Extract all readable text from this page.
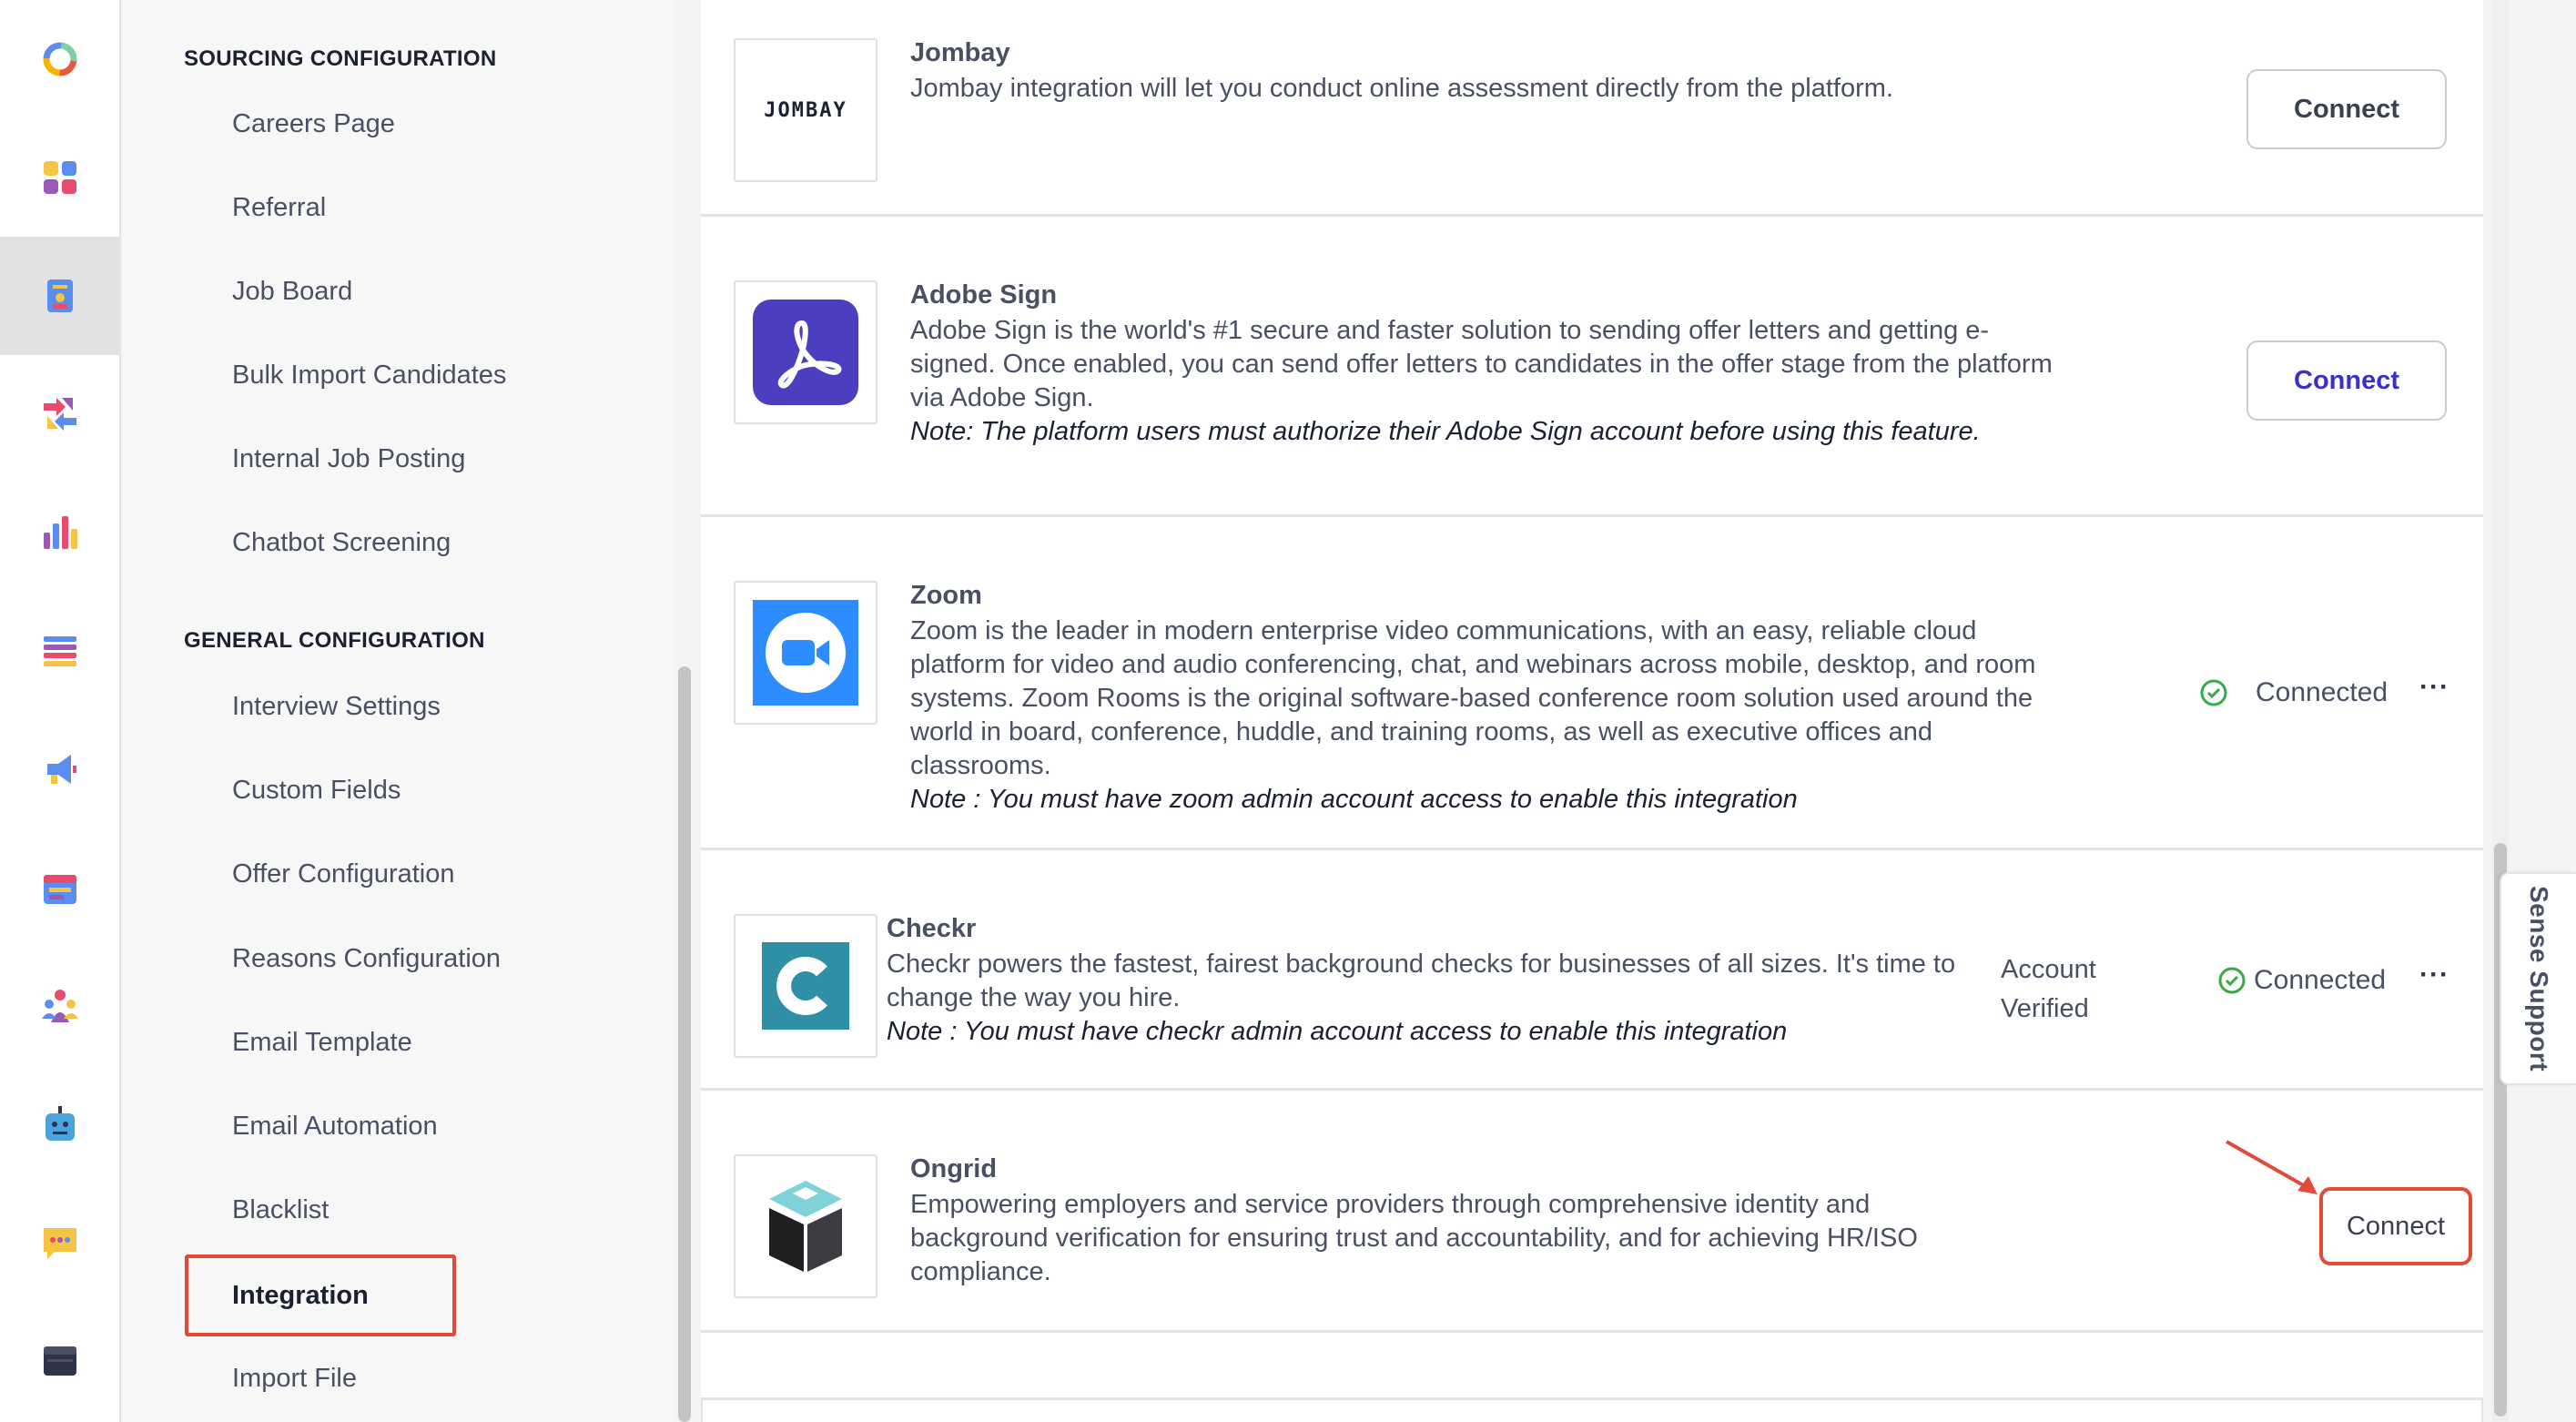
SOURCING CONFIGURATION
Careers Page
Referral
Job Board
Bulk Import Candidates
Internal Job Posting
Chatbot Screening
GENERAL CONFIGURATION
Interview Settings
Custom Fields
Offer Configuration
Reasons Configuration
Email Template
Email Automation
Blacklist
Integration
Import File
JOMBAY
Jombay
Jombay integration will let you conduct online assessment directly from the platform.
Connect
Adobe Sign
Adobe Sign is the world's #1 secure and faster solution to sending offer letters and getting e-signed. Once enabled, you can send offer letters to candidates in the offer stage from the platform via Adobe Sign.
Note: The platform users must authorize their Adobe Sign account before using this feature.
Connect
Zoom
Zoom is the leader in modern enterprise video communications, with an easy, reliable cloud platform for video and audio conferencing, chat, and webinars across mobile, desktop, and room systems. Zoom Rooms is the original software-based conference room solution used around the world in board, conference, huddle, and training rooms, as well as executive offices and classrooms.
Note : You must have zoom admin account access to enable this integration
Connected ···
Checkr
Checkr powers the fastest, fairest background checks for businesses of all sizes. It's time to change the way you hire.
Note : You must have checkr admin account access to enable this integration
Account Verified
Connected ···
Ongrid
Empowering employers and service providers through comprehensive identity and background verification for ensuring trust and accountability, and for achieving HR/ISO compliance.
Connect
Sense Support
